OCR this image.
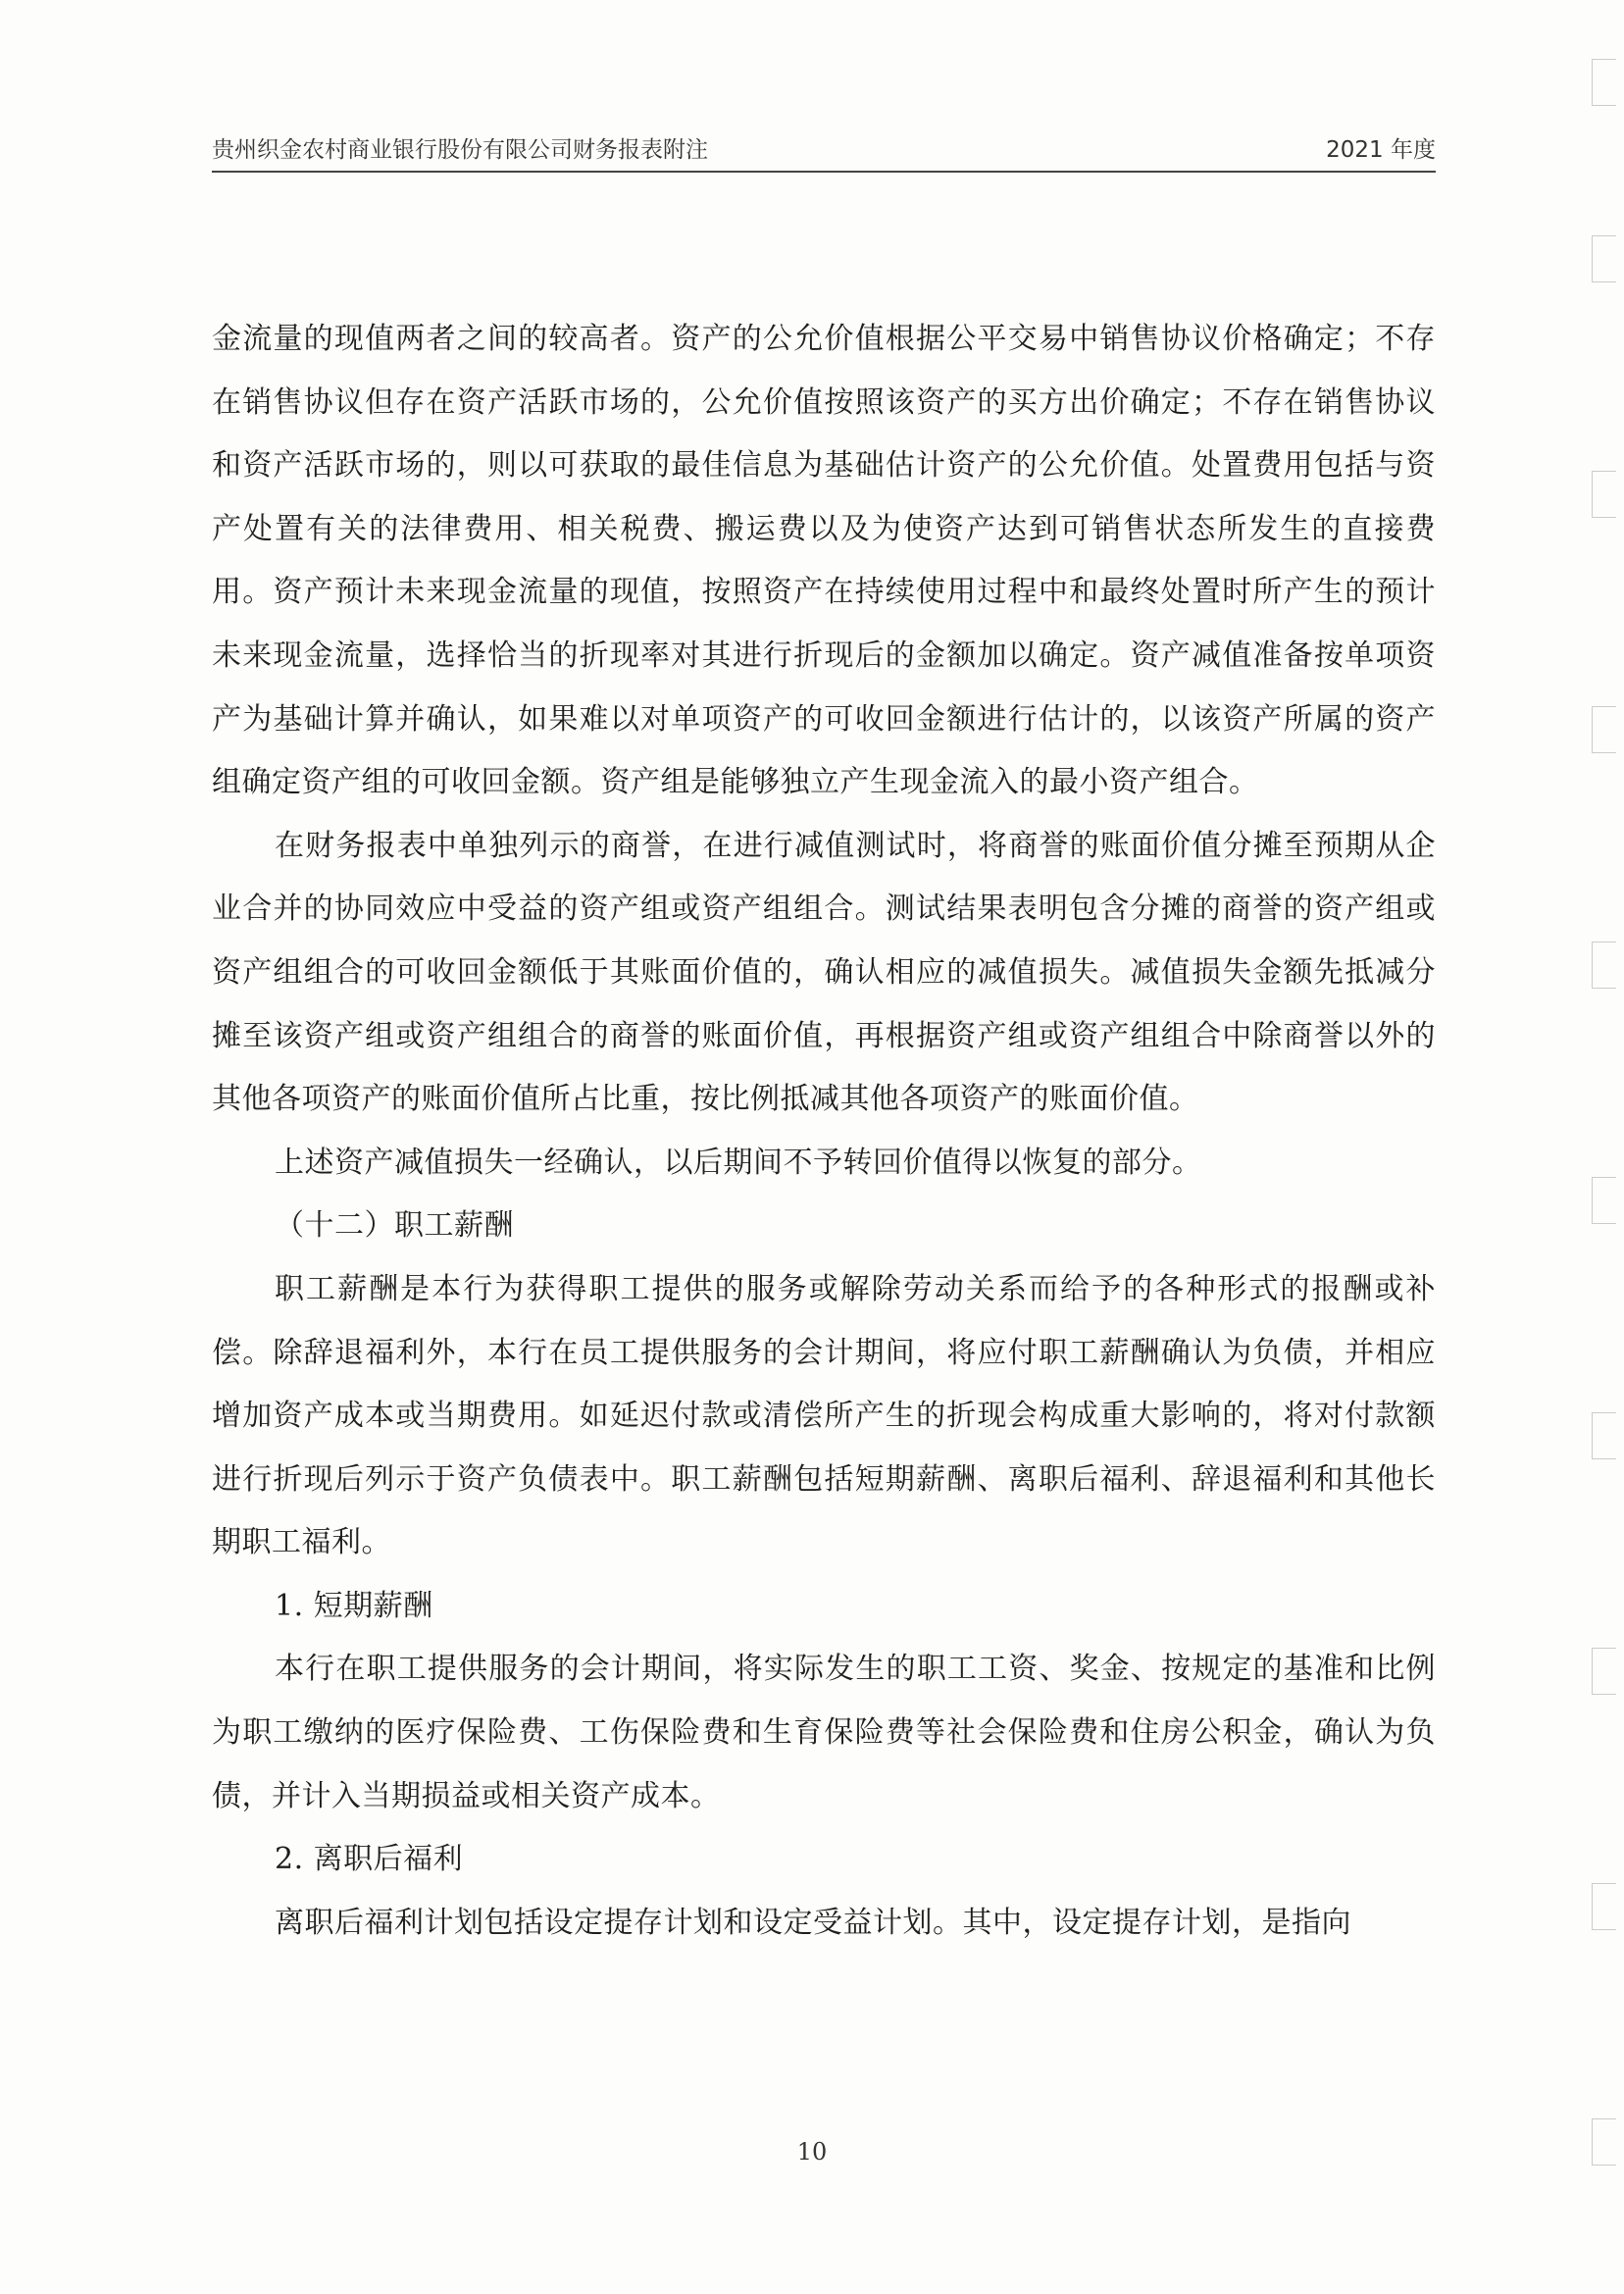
贵州织金农村商业银行股份有限公司财务报表附注	2021 年度

金流量的现值两者之间的较高者。资产的公允价值根据公平交易中销售协议价格确定；不存在销售协议但存在资产活跃市场的，公允价值按照该资产的买方出价确定；不存在销售协议和资产活跃市场的，则以可获取的最佳信息为基础估计资产的公允价值。处置费用包括与资产处置有关的法律费用、相关税费、搬运费以及为使资产达到可销售状态所发生的直接费用。资产预计未来现金流量的现值，按照资产在持续使用过程中和最终处置时所产生的预计未来现金流量，选择恰当的折现率对其进行折现后的金额加以确定。资产减值准备按单项资产为基础计算并确认，如果难以对单项资产的可收回金额进行估计的，以该资产所属的资产组确定资产组的可收回金额。资产组是能够独立产生现金流入的最小资产组合。

在财务报表中单独列示的商誉，在进行减值测试时，将商誉的账面价值分摊至预期从企业合并的协同效应中受益的资产组或资产组组合。测试结果表明包含分摊的商誉的资产组或资产组组合的可收回金额低于其账面价值的，确认相应的减值损失。减值损失金额先抵减分摊至该资产组或资产组组合的商誉的账面价值，再根据资产组或资产组组合中除商誉以外的其他各项资产的账面价值所占比重，按比例抵减其他各项资产的账面价值。

上述资产减值损失一经确认，以后期间不予转回价值得以恢复的部分。

（十二）职工薪酬

职工薪酬是本行为获得职工提供的服务或解除劳动关系而给予的各种形式的报酬或补偿。除辞退福利外，本行在员工提供服务的会计期间，将应付职工薪酬确认为负债，并相应增加资产成本或当期费用。如延迟付款或清偿所产生的折现会构成重大影响的，将对付款额进行折现后列示于资产负债表中。职工薪酬包括短期薪酬、离职后福利、辞退福利和其他长期职工福利。

1. 短期薪酬

本行在职工提供服务的会计期间，将实际发生的职工工资、奖金、按规定的基准和比例为职工缴纳的医疗保险费、工伤保险费和生育保险费等社会保险费和住房公积金，确认为负债，并计入当期损益或相关资产成本。

2. 离职后福利

离职后福利计划包括设定提存计划和设定受益计划。其中，设定提存计划，是指向

10
